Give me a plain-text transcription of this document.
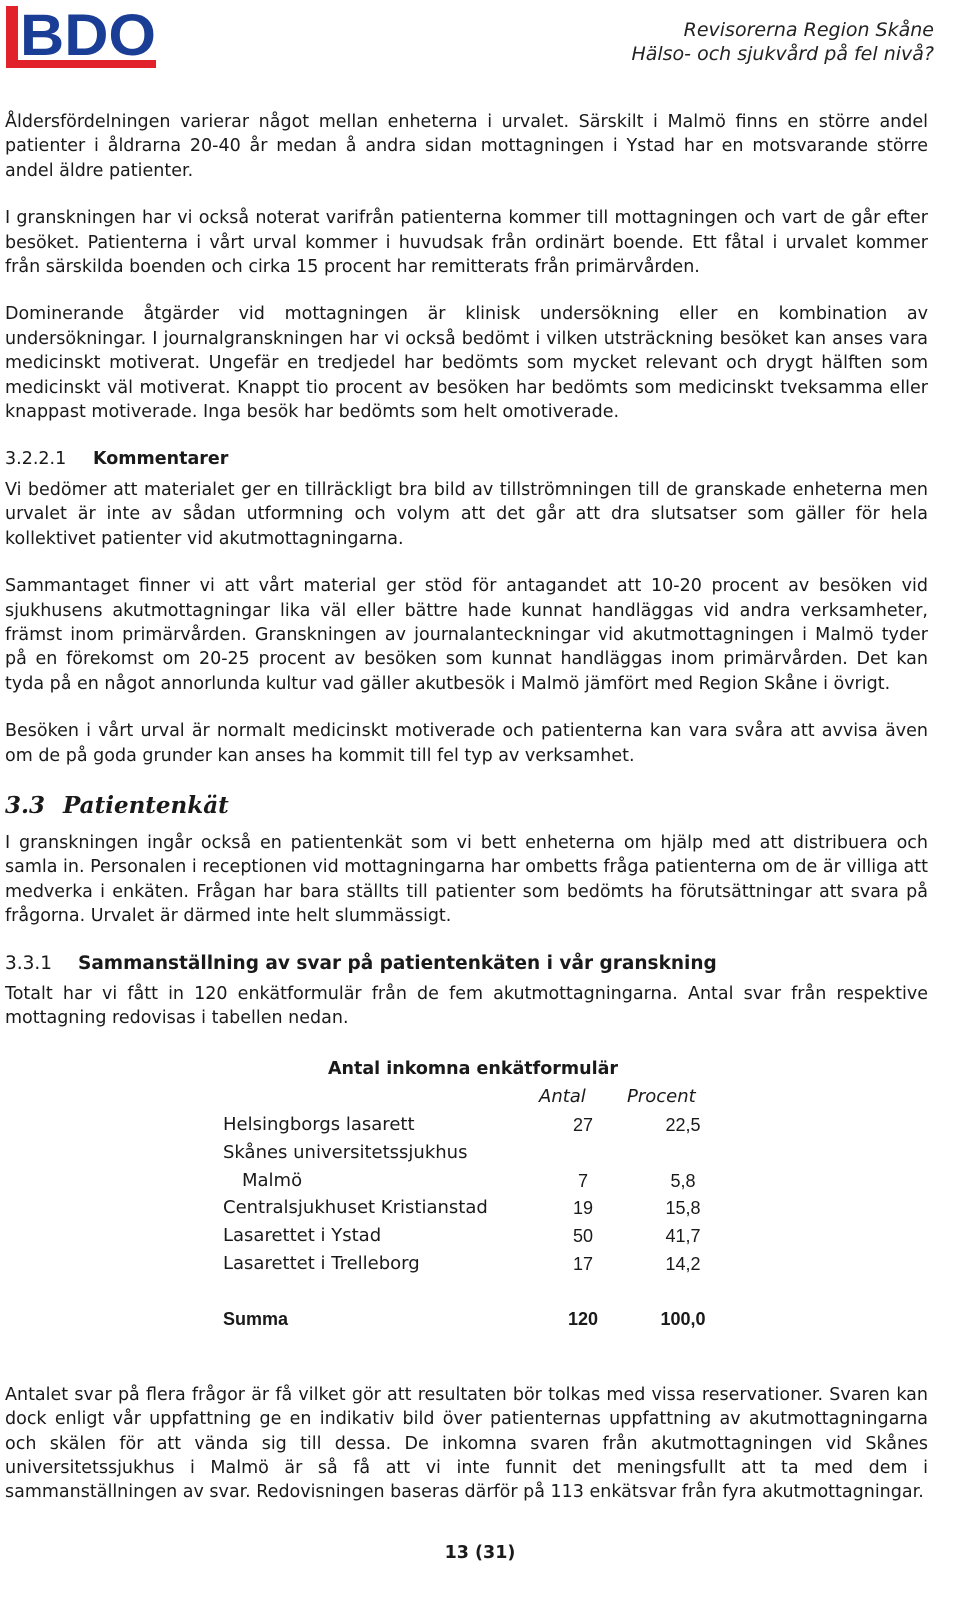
BDO	Revisorerna Region Skåne
Hälso- och sjukvård på fel nivå?

Åldersfördelningen varierar något mellan enheterna i urvalet. Särskilt i Malmö finns en större andel patienter i åldrarna 20-40 år medan å andra sidan mottagningen i Ystad har en motsvarande större andel äldre patienter.

I granskningen har vi också noterat varifrån patienterna kommer till mottagningen och vart de går efter besöket. Patienterna i vårt urval kommer i huvudsak från ordinärt boende. Ett fåtal i urvalet kommer från särskilda boenden och cirka 15 procent har remitterats från primärvården.

Dominerande åtgärder vid mottagningen är klinisk undersökning eller en kombination av undersökningar. I journalgranskningen har vi också bedömt i vilken utsträckning besöket kan anses vara medicinskt motiverat. Ungefär en tredjedel har bedömts som mycket relevant och drygt hälften som medicinskt väl motiverat. Knappt tio procent av besöken har bedömts som medicinskt tveksamma eller knappast motiverade. Inga besök har bedömts som helt omotiverade.

3.2.2.1 Kommentarer

Vi bedömer att materialet ger en tillräckligt bra bild av tillströmningen till de granskade enheterna men urvalet är inte av sådan utformning och volym att det går att dra slutsatser som gäller för hela kollektivet patienter vid akutmottagningarna.

Sammantaget finner vi att vårt material ger stöd för antagandet att 10-20 procent av besöken vid sjukhusens akutmottagningar lika väl eller bättre hade kunnat handläggas vid andra verksamheter, främst inom primärvården. Granskningen av journalanteckningar vid akutmottagningen i Malmö tyder på en förekomst om 20-25 procent av besöken som kunnat handläggas inom primärvården. Det kan tyda på en något annorlunda kultur vad gäller akutbesök i Malmö jämfört med Region Skåne i övrigt.

Besöken i vårt urval är normalt medicinskt motiverade och patienterna kan vara svåra att avvisa även om de på goda grunder kan anses ha kommit till fel typ av verksamhet.

3.3 Patientenkät

I granskningen ingår också en patientenkät som vi bett enheterna om hjälp med att distribuera och samla in. Personalen i receptionen vid mottagningarna har ombetts fråga patienterna om de är villiga att medverka i enkäten. Frågan har bara ställts till patienter som bedömts ha förutsättningar att svara på frågorna. Urvalet är därmed inte helt slummässigt.

3.3.1 Sammanställning av svar på patientenkäten i vår granskning

Totalt har vi fått in 120 enkätformulär från de fem akutmottagningarna. Antal svar från respektive mottagning redovisas i tabellen nedan.

Antal inkomna enkätformulär
Antal Procent
Helsingborgs lasarett	27	22,5
Skånes universitetssjukhus
Malmö	7	5,8
Centralsjukhuset Kristianstad	19	15,8
Lasarettet i Ystad	50	41,7
Lasarettet i Trelleborg	17	14,2
Summa	120	100,0

Antalet svar på flera frågor är få vilket gör att resultaten bör tolkas med vissa reservationer. Svaren kan dock enligt vår uppfattning ge en indikativ bild över patienternas uppfattning av akutmottagningarna och skälen för att vända sig till dessa. De inkomna svaren från akutmottagningen vid Skånes universitetssjukhus i Malmö är så få att vi inte funnit det meningsfullt att ta med dem i sammanställningen av svar. Redovisningen baseras därför på 113 enkätsvar från fyra akutmottagningar.

13 (31)
